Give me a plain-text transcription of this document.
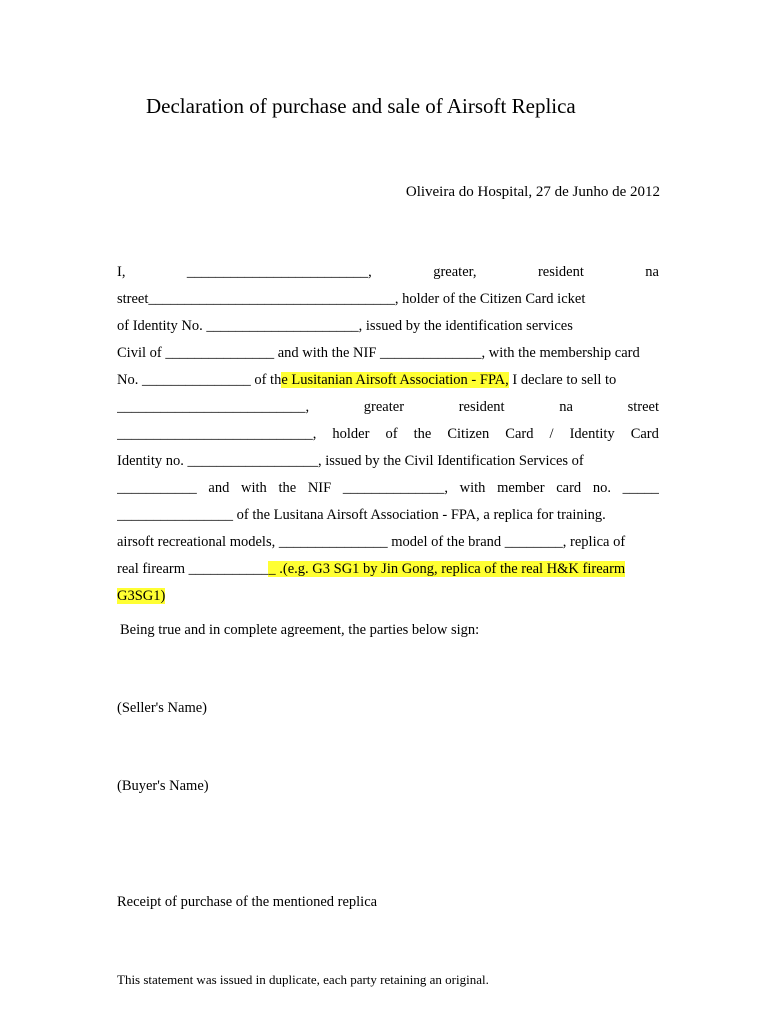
Declaration of purchase and sale of Airsoft Replica
Oliveira do Hospital, 27 de Junho de 2012
I,	_________________________,	greater,	resident	na
street__________________________________, holder of the Citizen Card icket
of Identity No. _____________________, issued by the identification services
Civil of _______________ and with the NIF ______________, with the membership card
No. _______________ of the Lusitanian Airsoft Association - FPA, I declare to sell to
__________________________,	greater	resident	na	street
___________________________, holder of the Citizen Card / Identity Card
Identity no. __________________, issued by the Civil Identification Services of
___________ and with the NIF ______________, with member card no. _____
________________ of the Lusitana Airsoft Association - FPA, a replica for training.
airsoft recreational models, _______________ model of the brand ________, replica of
real firearm ____________ .(e.g. G3 SG1 by Jin Gong, replica of the real H&K firearm
G3SG1)
Being true and in complete agreement, the parties below sign:
(Seller's Name)
(Buyer's Name)
Receipt of purchase of the mentioned replica
This statement was issued in duplicate, each party retaining an original.
